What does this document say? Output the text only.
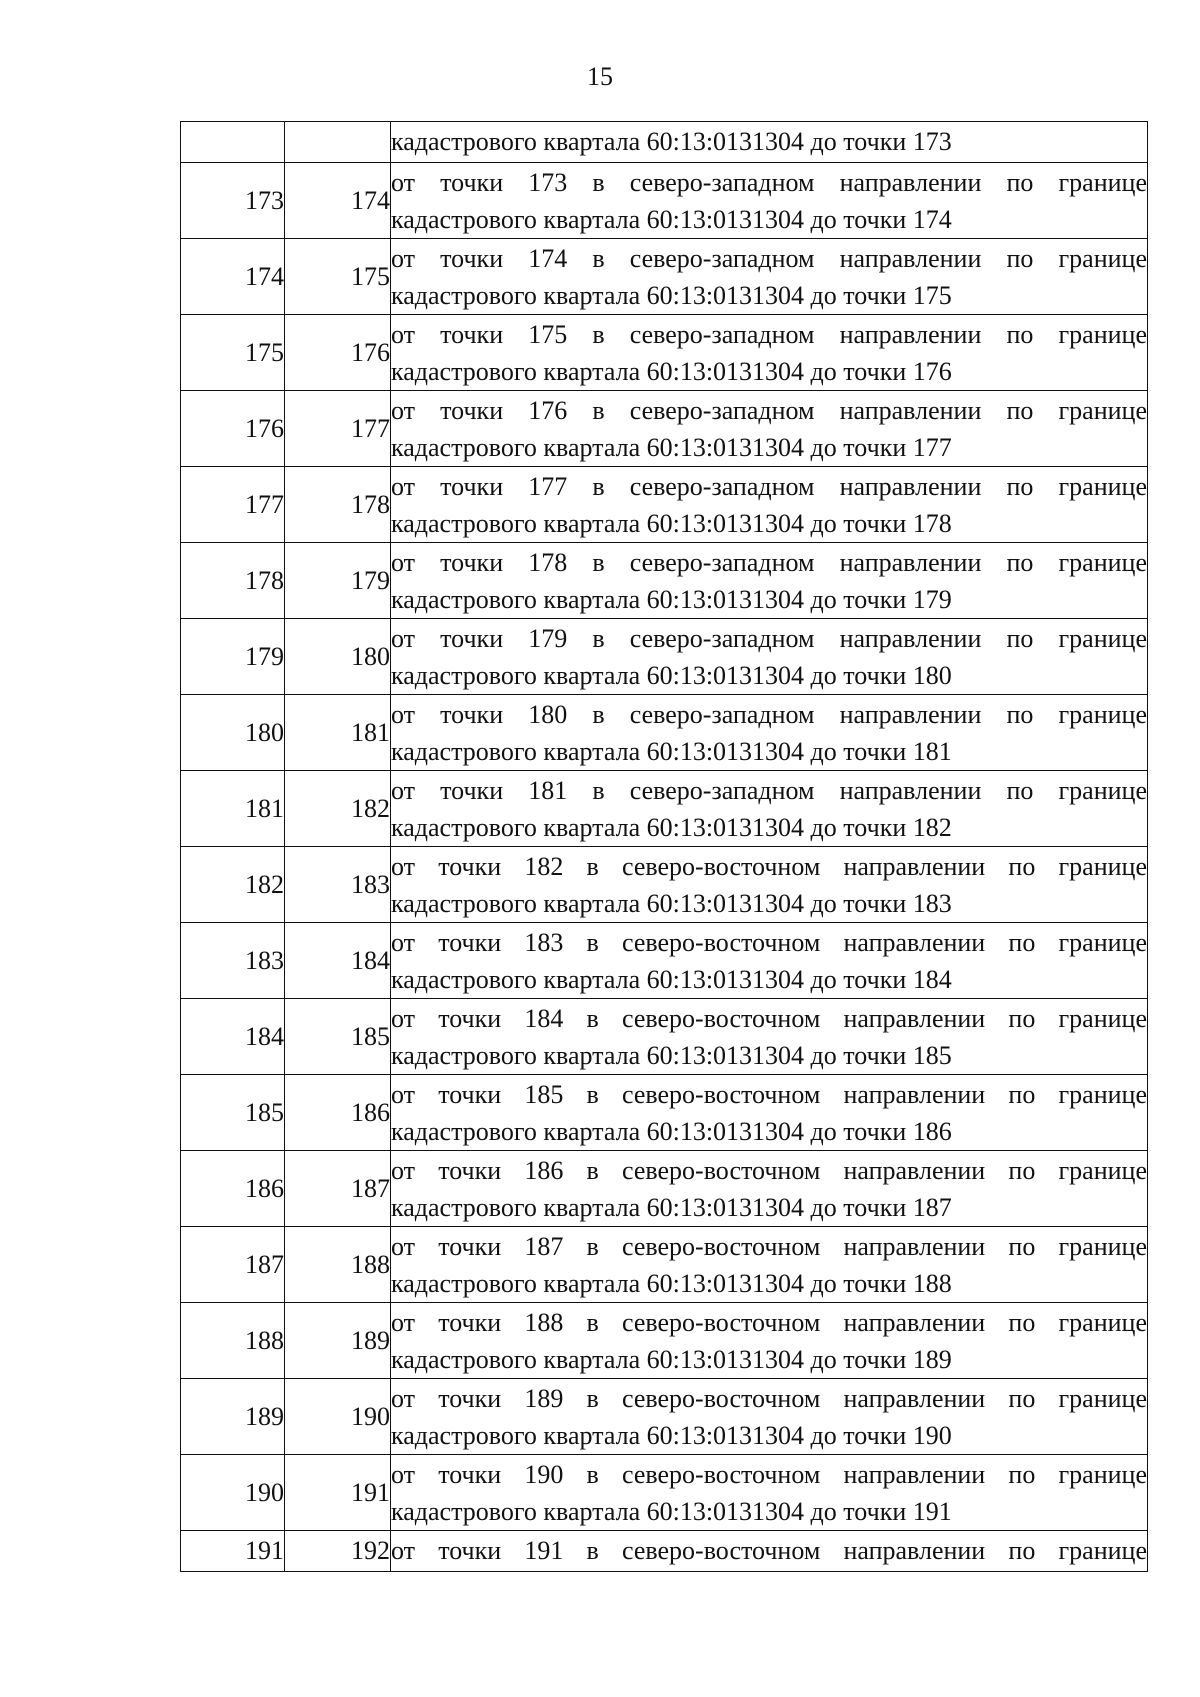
15

		кадастрового квартала 60:13:0131304 до точки 173

173	174	от точки 173 в северо-западном направлении по границе
кадастрового квартала 60:13:0131304 до точки 174

174	175	от точки 174 в северо-западном направлении по границе
кадастрового квартала 60:13:0131304 до точки 175

175	176	от точки 175 в северо-западном направлении по границе
кадастрового квартала 60:13:0131304 до точки 176

176	177	от точки 176 в северо-западном направлении по границе
кадастрового квартала 60:13:0131304 до точки 177

177	178	от точки 177 в северо-западном направлении по границе
кадастрового квартала 60:13:0131304 до точки 178

178	179	от точки 178 в северо-западном направлении по границе
кадастрового квартала 60:13:0131304 до точки 179

179	180	от точки 179 в северо-западном направлении по границе
кадастрового квартала 60:13:0131304 до точки 180

180	181	от точки 180 в северо-западном направлении по границе
кадастрового квартала 60:13:0131304 до точки 181

181	182	от точки 181 в северо-западном направлении по границе
кадастрового квартала 60:13:0131304 до точки 182

182	183	от точки 182 в северо-восточном направлении по границе
кадастрового квартала 60:13:0131304 до точки 183

183	184	от точки 183 в северо-восточном направлении по границе
кадастрового квартала 60:13:0131304 до точки 184

184	185	от точки 184 в северо-восточном направлении по границе
кадастрового квартала 60:13:0131304 до точки 185

185	186	от точки 185 в северо-восточном направлении по границе
кадастрового квартала 60:13:0131304 до точки 186

186	187	от точки 186 в северо-восточном направлении по границе
кадастрового квартала 60:13:0131304 до точки 187

187	188	от точки 187 в северо-восточном направлении по границе
кадастрового квартала 60:13:0131304 до точки 188

188	189	от точки 188 в северо-восточном направлении по границе
кадастрового квартала 60:13:0131304 до точки 189

189	190	от точки 189 в северо-восточном направлении по границе
кадастрового квартала 60:13:0131304 до точки 190

190	191	от точки 190 в северо-восточном направлении по границе
кадастрового квартала 60:13:0131304 до точки 191

191	192	от точки 191 в северо-восточном направлении по границе
